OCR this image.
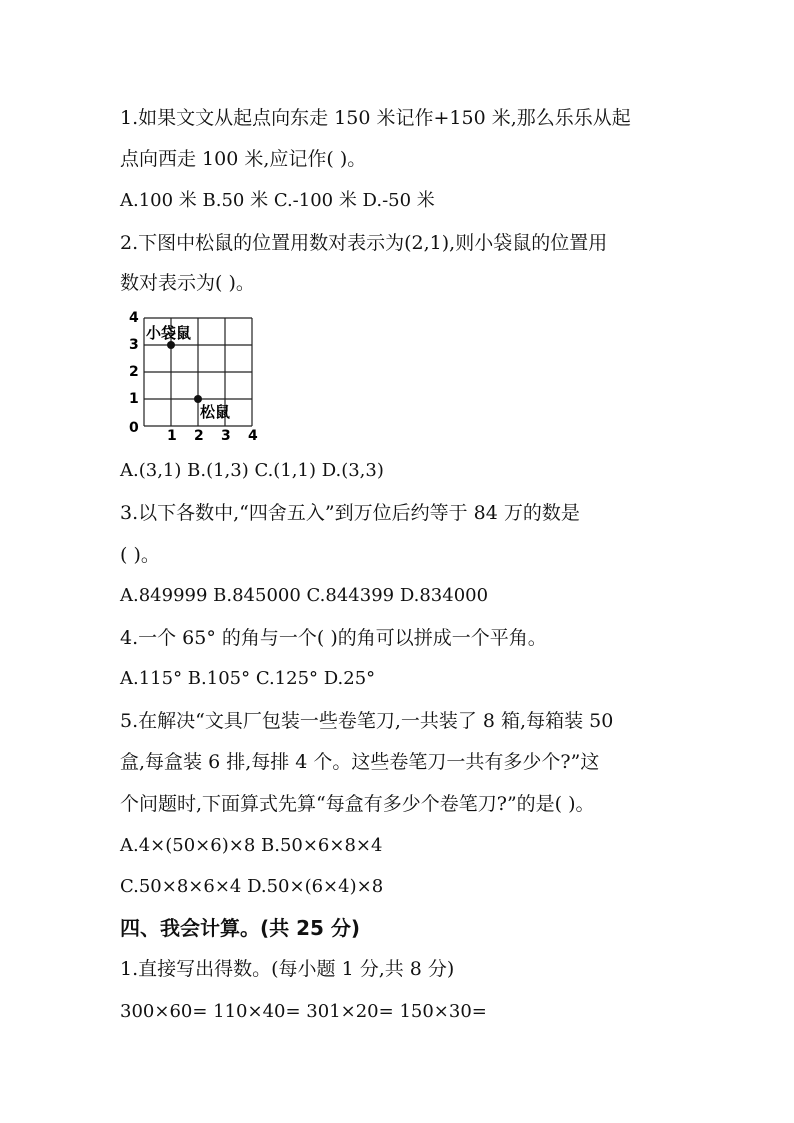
1.如果文文从起点向东走 150 米记作+150 米,那么乐乐从起
点向西走 100 米,应记作( )。
A.100 米 B.50 米 C.-100 米 D.-50 米
2.下图中松鼠的位置用数对表示为(2,1),则小袋鼠的位置用
数对表示为( )。
4
3
2
1
0 1 2 3 4
小袋鼠
松鼠
A.(3,1) B.(1,3) C.(1,1) D.(3,3)
3.以下各数中,“四舍五入”到万位后约等于 84 万的数是
( )。
A.849999 B.845000 C.844399 D.834000
4.一个 65° 的角与一个( )的角可以拼成一个平角。
A.115° B.105° C.125° D.25°
5.在解决“文具厂包装一些卷笔刀,一共装了 8 箱,每箱装 50
盒,每盒装 6 排,每排 4 个。这些卷笔刀一共有多少个?”这
个问题时,下面算式先算“每盒有多少个卷笔刀?”的是( )。
A.4×(50×6)×8 B.50×6×8×4
C.50×8×6×4 D.50×(6×4)×8
四、我会计算。(共 25 分)
1.直接写出得数。(每小题 1 分,共 8 分)
300×60= 110×40= 301×20= 150×30=
